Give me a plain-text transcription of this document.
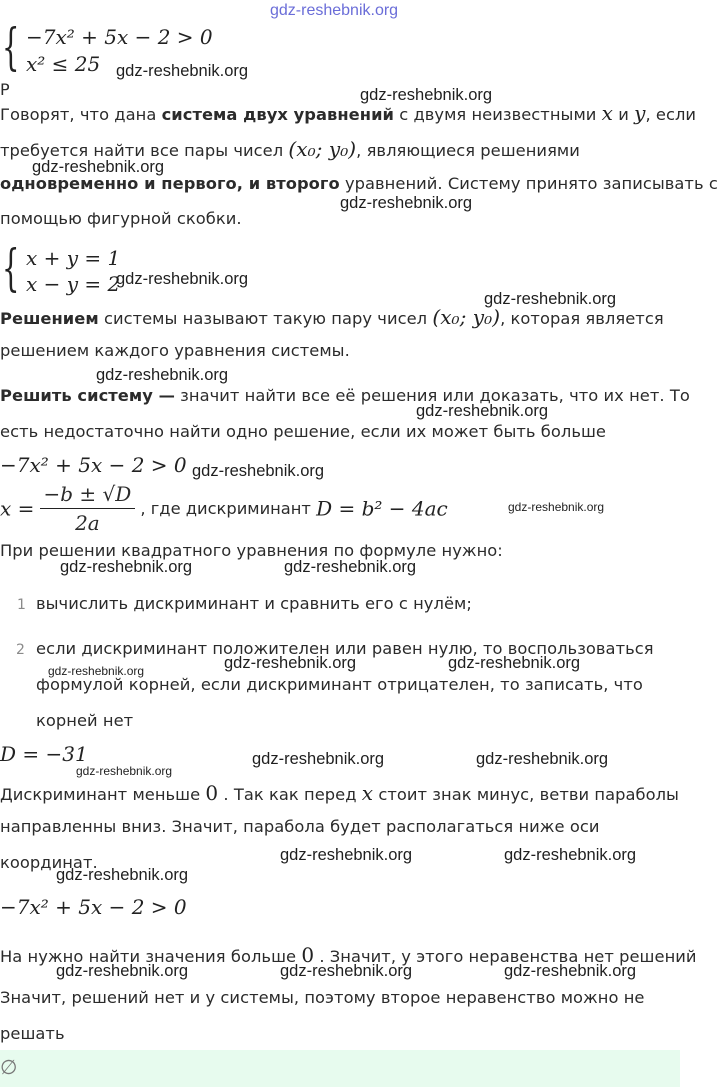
gdz-reshebnik.org
{ −7x² + 5x − 2 > 0
x² ≤ 25 gdz-reshebnik.org
Р	gdz-reshebnik.org
Говорят, что дана система двух уравнений с двумя неизвестными x и y, если
требуется найти все пары чисел (x₀; y₀), являющиеся решениями
gdz-reshebnik.org
одновременно и первого, и второго уравнений. Систему принято записывать с
gdz-reshebnik.org
помощью фигурной скобки.
{ x + y = 1
x − y = 2
gdz-reshebnik.org
gdz-reshebnik.org
Решением системы называют такую пару чисел (x₀; y₀), которая является
решением каждого уравнения системы.
gdz-reshebnik.org
Решить систему — значит найти все её решения или доказать, что их нет. То
gdz-reshebnik.org
есть недостаточно найти одно решение, если их может быть больше
−7x² + 5x − 2 > 0 gdz-reshebnik.org
$x = \frac{-b \pm √D}{2a}$ , где дискриминант D = b² − 4ac	gdz-reshebnik.org
При решении квадратного уравнения по формуле нужно:
gdz-reshebnik.org	gdz-reshebnik.org
1 вычислить дискриминант и сравнить его с нулём;
2 если дискриминант положителен или равен нулю, то воспользоваться
gdz-reshebnik.org	gdz-reshebnik.org	gdz-reshebnik.org
формулой корней, если дискриминант отрицателен, то записать, что
корней нет
D = −31	gdz-reshebnik.org	gdz-reshebnik.org
gdz-reshebnik.org
Дискриминант меньше 0 . Так как перед x стоит знак минус, ветви параболы
направленны вниз. Значит, парабола будет располагаться ниже оси
gdz-reshebnik.org	gdz-reshebnik.org
координат.
gdz-reshebnik.org
−7x² + 5x − 2 > 0
На нужно найти значения больше 0 . Значит, у этого неравенства нет решений
gdz-reshebnik.org	gdz-reshebnik.org	gdz-reshebnik.org
Значит, решений нет и у системы, поэтому второе неравенство можно не
решать
∅
